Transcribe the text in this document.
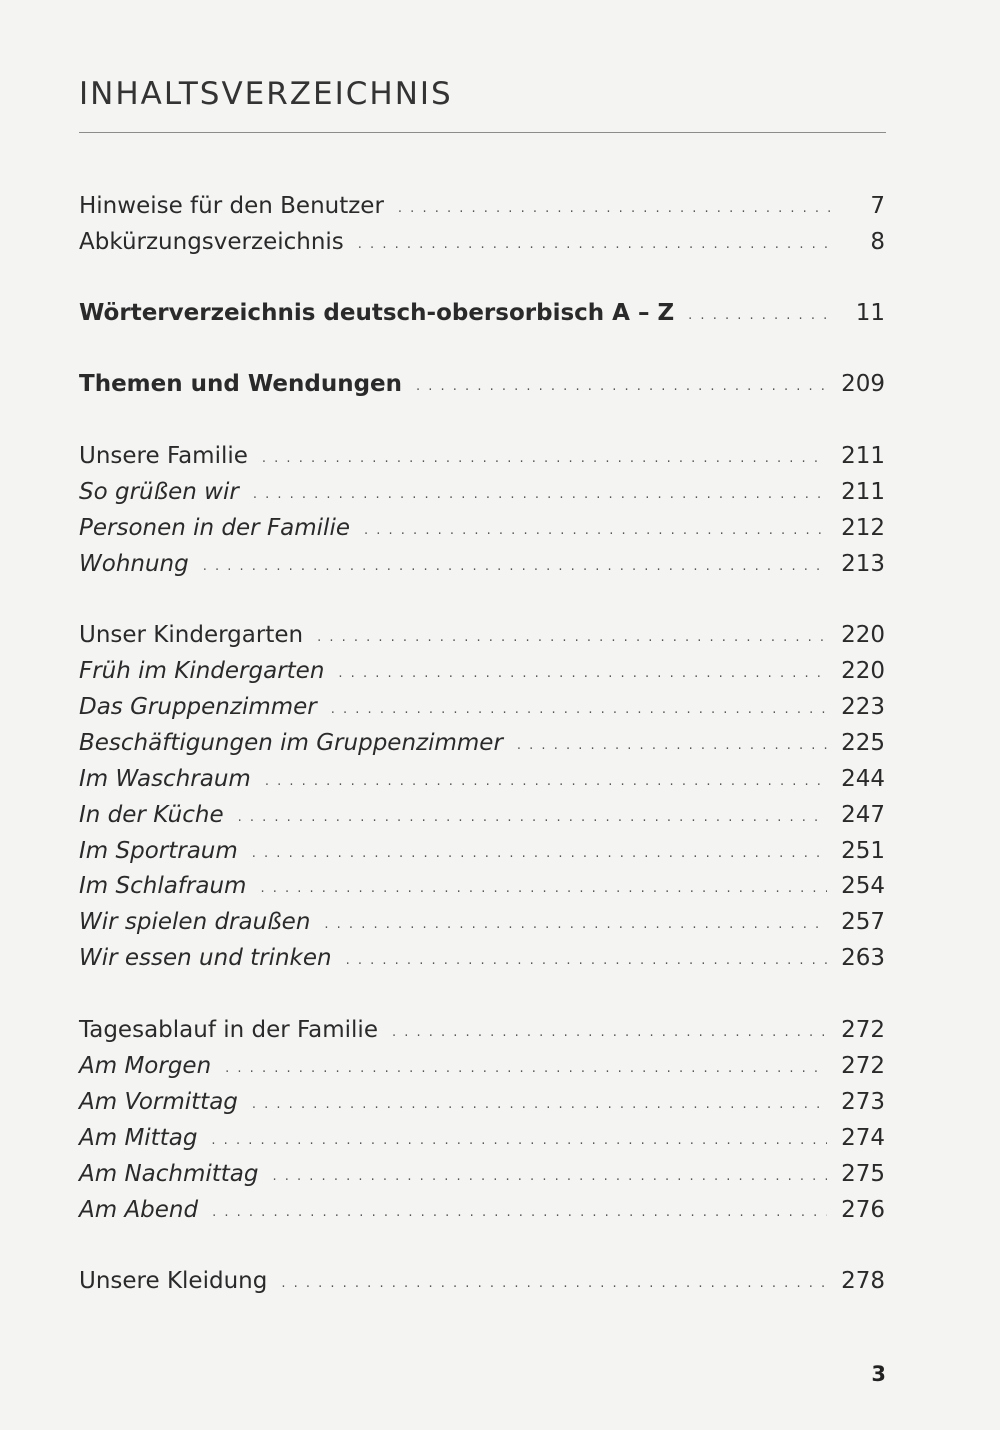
INHALTSVERZEICHNIS
Hinweise für den Benutzer . . .	7
Abkürzungsverzeichnis . . .	8
Wörterverzeichnis deutsch-obersorbisch A – Z . . .	11
Themen und Wendungen . . .	209
Unsere Familie . . .	211
So grüßen wir . . .	211
Personen in der Familie . . .	212
Wohnung . . .	213
Unser Kindergarten . . .	220
Früh im Kindergarten . . .	220
Das Gruppenzimmer . . .	223
Beschäftigungen im Gruppenzimmer . . .	225
Im Waschraum . . .	244
In der Küche . . .	247
Im Sportraum . . .	251
Im Schlafraum . . .	254
Wir spielen draußen . . .	257
Wir essen und trinken . . .	263
Tagesablauf in der Familie . . .	272
Am Morgen . . .	272
Am Vormittag . . .	273
Am Mittag . . .	274
Am Nachmittag . . .	275
Am Abend . . .	276
Unsere Kleidung . . .	278
3
